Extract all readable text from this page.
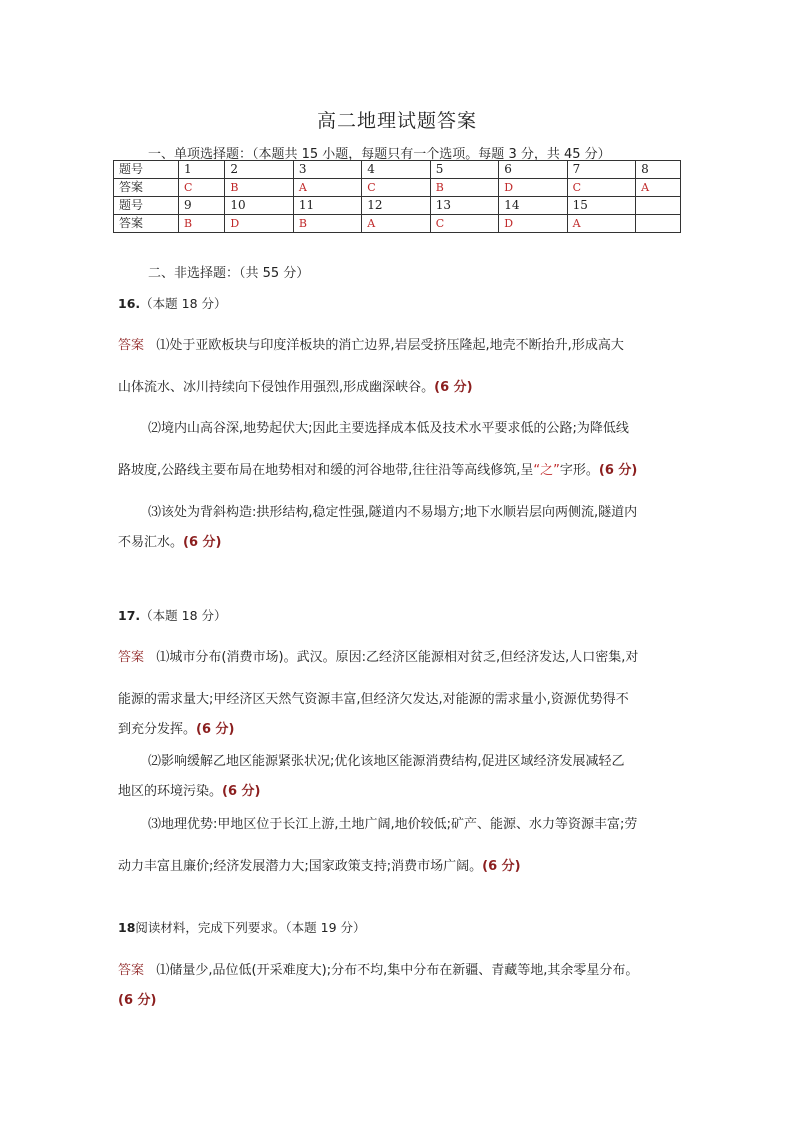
高二地理试题答案
一、单项选择题：（本题共 15 小题，每题只有一个选项。每题 3 分，共 45 分）
题号	1	2	3	4	5	6	7	8
答案	C	B	A	C	B	D	C	A
题号	9	10	11	12	13	14	15	
答案	B	D	B	A	C	D	A	
二、非选择题：（共 55 分）
16.（本题 18 分）
答案 ⑴处于亚欧板块与印度洋板块的消亡边界,岩层受挤压隆起,地壳不断抬升,形成高大
山体流水、冰川持续向下侵蚀作用强烈,形成幽深峡谷。(6 分)
⑵境内山高谷深,地势起伏大;因此主要选择成本低及技术水平要求低的公路;为降低线
路坡度,公路线主要布局在地势相对和缓的河谷地带,往往沿等高线修筑,呈“之”字形。(6 分)
⑶该处为背斜构造:拱形结构,稳定性强,隧道内不易塌方;地下水顺岩层向两侧流,隧道内
不易汇水。(6 分)
17.（本题 18 分）
答案 ⑴城市分布(消费市场)。武汉。原因:乙经济区能源相对贫乏,但经济发达,人口密集,对
能源的需求量大;甲经济区天然气资源丰富,但经济欠发达,对能源的需求量小,资源优势得不
到充分发挥。(6 分)
⑵影响缓解乙地区能源紧张状况;优化该地区能源消费结构,促进区域经济发展减轻乙
地区的环境污染。(6 分)
⑶地理优势:甲地区位于长江上游,土地广阔,地价较低;矿产、能源、水力等资源丰富;劳
动力丰富且廉价;经济发展潜力大;国家政策支持;消费市场广阔。(6 分)
18阅读材料，完成下列要求。（本题 19 分）
答案 ⑴储量少,品位低(开采难度大);分布不均,集中分布在新疆、青藏等地,其余零星分布。
(6 分)
